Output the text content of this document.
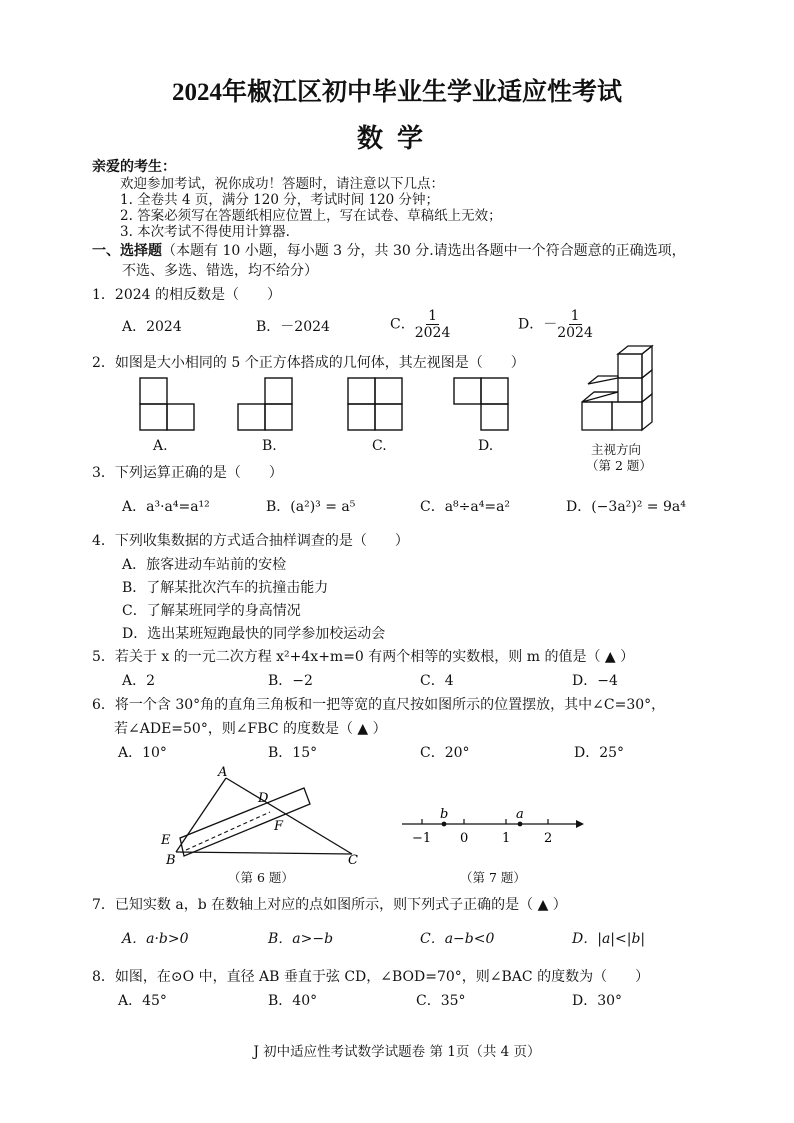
2024年椒江区初中毕业生学业适应性考试
数学
亲爱的考生：
欢迎参加考试，祝你成功！答题时，请注意以下几点：
1. 全卷共 4 页，满分 120 分，考试时间 120 分钟；
2. 答案必须写在答题纸相应位置上，写在试卷、草稿纸上无效；
3. 本次考试不得使用计算器.
一、选择题（本题有 10 小题，每小题 3 分，共 30 分.请选出各题中一个符合题意的正确选项，
不选、多选、错选，均不给分）
1．2024 的相反数是（　　）
A．2024	B．－2024	C． $\frac{1}{2024}$	D．－ $\frac{1}{2024}$
2．如图是大小相同的 5 个正方体搭成的几何体，其左视图是（　　）
A.	B.	C.	D.	主视方向
（第 2 题）
3．下列运算正确的是（　　）
A．a³·a⁴=a¹²	B．(a²)³ = a⁵	C．a⁸÷a⁴=a²	D．(−3a²)² = 9a⁴
4．下列收集数据的方式适合抽样调查的是（　　）
A．旅客进动车站前的安检
B．了解某批次汽车的抗撞击能力
C．了解某班同学的身高情况
D．选出某班短跑最快的同学参加校运动会
5．若关于 x 的一元二次方程 x²+4x+m=0 有两个相等的实数根，则 m 的值是（ ▲ ）
A．2	B．−2	C．4	D．−4
6．将一个含 30°角的直角三角板和一把等宽的直尺按如图所示的位置摆放，其中∠C=30°，
若∠ADE=50°，则∠FBC 的度数是（ ▲ ）
A．10°	B．15°	C．20°	D．25°
A
D
F
E
B	C
（第 6 题）
b	a
−1 0	1	2
（第 7 题）
7．已知实数 a，b 在数轴上对应的点如图所示，则下列式子正确的是（ ▲ ）
A．a·b>0	B．a>−b	C．a−b<0	D．|a|<|b|
8．如图，在⊙O 中，直径 AB 垂直于弦 CD，∠BOD=70°，则∠BAC 的度数为（　　）
A．45°	B．40°	C．35°	D．30°
J 初中适应性考试数学试题卷 第 1页（共 4 页）
